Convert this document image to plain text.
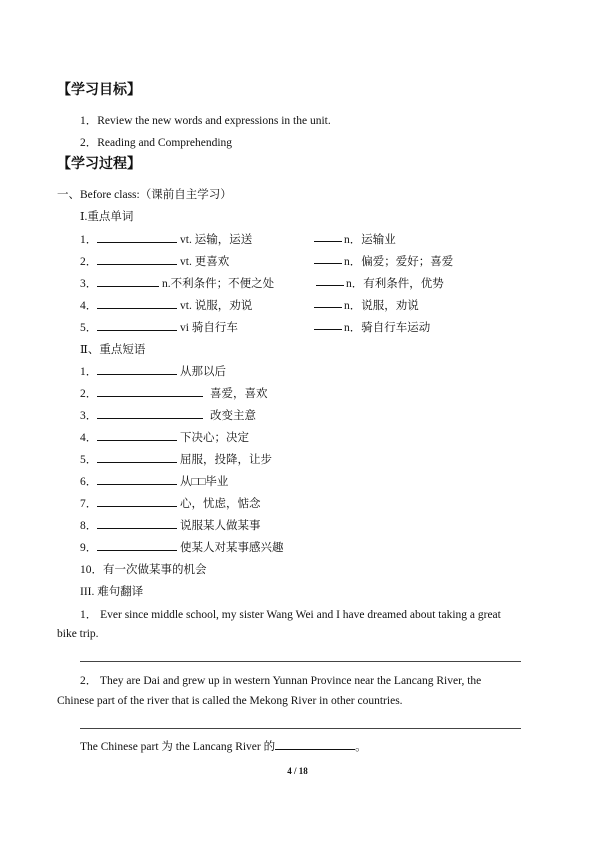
【学习目标】
1．Review the new words and expressions in the unit.
2．Reading and Comprehending
【学习过程】
一、Before class:（课前自主学习）
Ⅰ.重点单词
1．	vt. 运输，运送	n．运输业
2．	vt. 更喜欢	n．偏爱；爱好；喜爱
3．	n.不利条件；不便之处	n．有利条件，优势
4．	vt. 说服，劝说	n．说服，劝说
5．	vi 骑自行车	n．骑自行车运动
Ⅱ、重点短语
1．	从那以后
2．	喜爱，喜欢
3．	改变主意
4．	下决心；决定
5．	屈服，投降，让步
6．	从□□毕业
7．	心，忧虑，惦念
8．	说服某人做某事
9．	使某人对某事感兴趣
10．有一次做某事的机会
III. 难句翻译
1． Ever since middle school, my sister Wang Wei and I have dreamed about taking a great
bike trip.
2． They are Dai and grew up in western Yunnan Province near the Lancang River, the
Chinese part of the river that is called the Mekong River in other countries.
The Chinese part 为 the Lancang River 的	。
4 / 18
